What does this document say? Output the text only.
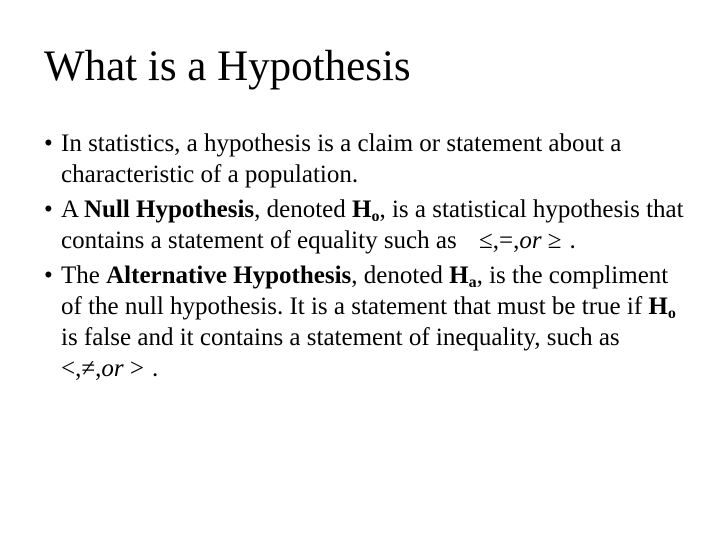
What is a Hypothesis
• In statistics, a hypothesis is a claim or statement about a characteristic of a population.
• A Null Hypothesis, denoted $H_o$, is a statistical hypothesis that contains a statement of equality such as ≤,=,or ≥ .
• The Alternative Hypothesis, denoted $H_a$, is the compliment of the null hypothesis. It is a statement that must be true if $H_o$ is false and it contains a statement of inequality, such as <,≠,or > .
